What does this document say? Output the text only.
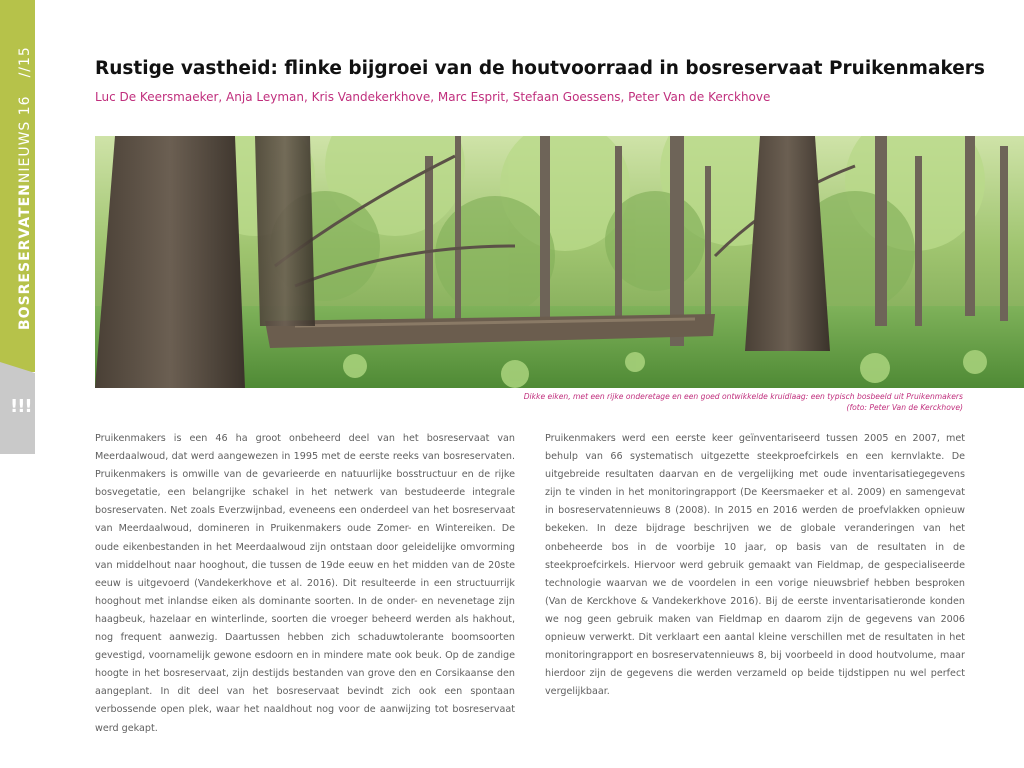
BOSRESERVATENNIEUWS 16//15
!!!
Rustige vastheid: flinke bijgroei van de houtvoorraad in bosreservaat Pruikenmakers
Luc De Keersmaeker, Anja Leyman, Kris Vandekerkhove, Marc Esprit, Stefaan Goessens, Peter Van de Kerckhove
Dikke eiken, met een rijke onderetage en een goed ontwikkelde kruidlaag: een typisch bosbeeld uit Pruikenmakers
(foto: Peter Van de Kerckhove)

Pruikenmakers is een 46 ha groot onbeheerd deel van het bosreservaat van Meerdaalwoud, dat werd aangewezen in 1995 met de eerste reeks van bosreservaten. Pruikenmakers is omwille van de gevarieerde en natuurlijke bosstructuur en de rijke bosvegetatie, een belangrijke schakel in het netwerk van bestudeerde integrale bosreservaten. Net zoals Everzwijnbad, eveneens een onderdeel van het bosreservaat van Meerdaalwoud, domineren in Pruikenmakers oude Zomer- en Wintereiken. De oude eikenbestanden in het Meerdaalwoud zijn ontstaan door geleidelijke omvorming van middelhout naar hooghout, die tussen de 19de eeuw en het midden van de 20ste eeuw is uitgevoerd (Vandekerkhove et al. 2016). Dit resulteerde in een structuurrijk hooghout met inlandse eiken als dominante soorten. In de onder- en nevenetage zijn haagbeuk, hazelaar en winterlinde, soorten die vroeger beheerd werden als hakhout, nog frequent aanwezig. Daartussen hebben zich schaduwtolerante boomsoorten gevestigd, voornamelijk gewone esdoorn en in mindere mate ook beuk. Op de zandige hoogte in het bosreservaat, zijn destijds bestanden van grove den en Corsikaanse den aangeplant. In dit deel van het bosreservaat bevindt zich ook een spontaan verbossende open plek, waar het naaldhout nog voor de aanwijzing tot bosreservaat werd gekapt.

Pruikenmakers werd een eerste keer geïnventariseerd tussen 2005 en 2007, met behulp van 66 systematisch uitgezette steekproefcirkels en een kernvlakte. De uitgebreide resultaten daarvan en de vergelijking met oude inventarisatiegegevens zijn te vinden in het monitoringrapport (De Keersmaeker et al. 2009) en samengevat in bosreservatennieuws 8 (2008). In 2015 en 2016 werden de proefvlakken opnieuw bekeken. In deze bijdrage beschrijven we de globale veranderingen van het onbeheerde bos in de voorbije 10 jaar, op basis van de resultaten in de steekproefcirkels. Hiervoor werd gebruik gemaakt van Fieldmap, de gespecialiseerde technologie waarvan we de voordelen in een vorige nieuwsbrief hebben besproken (Van de Kerckhove & Vandekerkhove 2016). Bij de eerste inventarisatieronde konden we nog geen gebruik maken van Fieldmap en daarom zijn de gegevens van 2006 opnieuw verwerkt. Dit verklaart een aantal kleine verschillen met de resultaten in het monitoringrapport en bosreservatennieuws 8, bij voorbeeld in dood houtvolume, maar hierdoor zijn de gegevens die werden verzameld op beide tijdstippen nu wel perfect vergelijkbaar.
